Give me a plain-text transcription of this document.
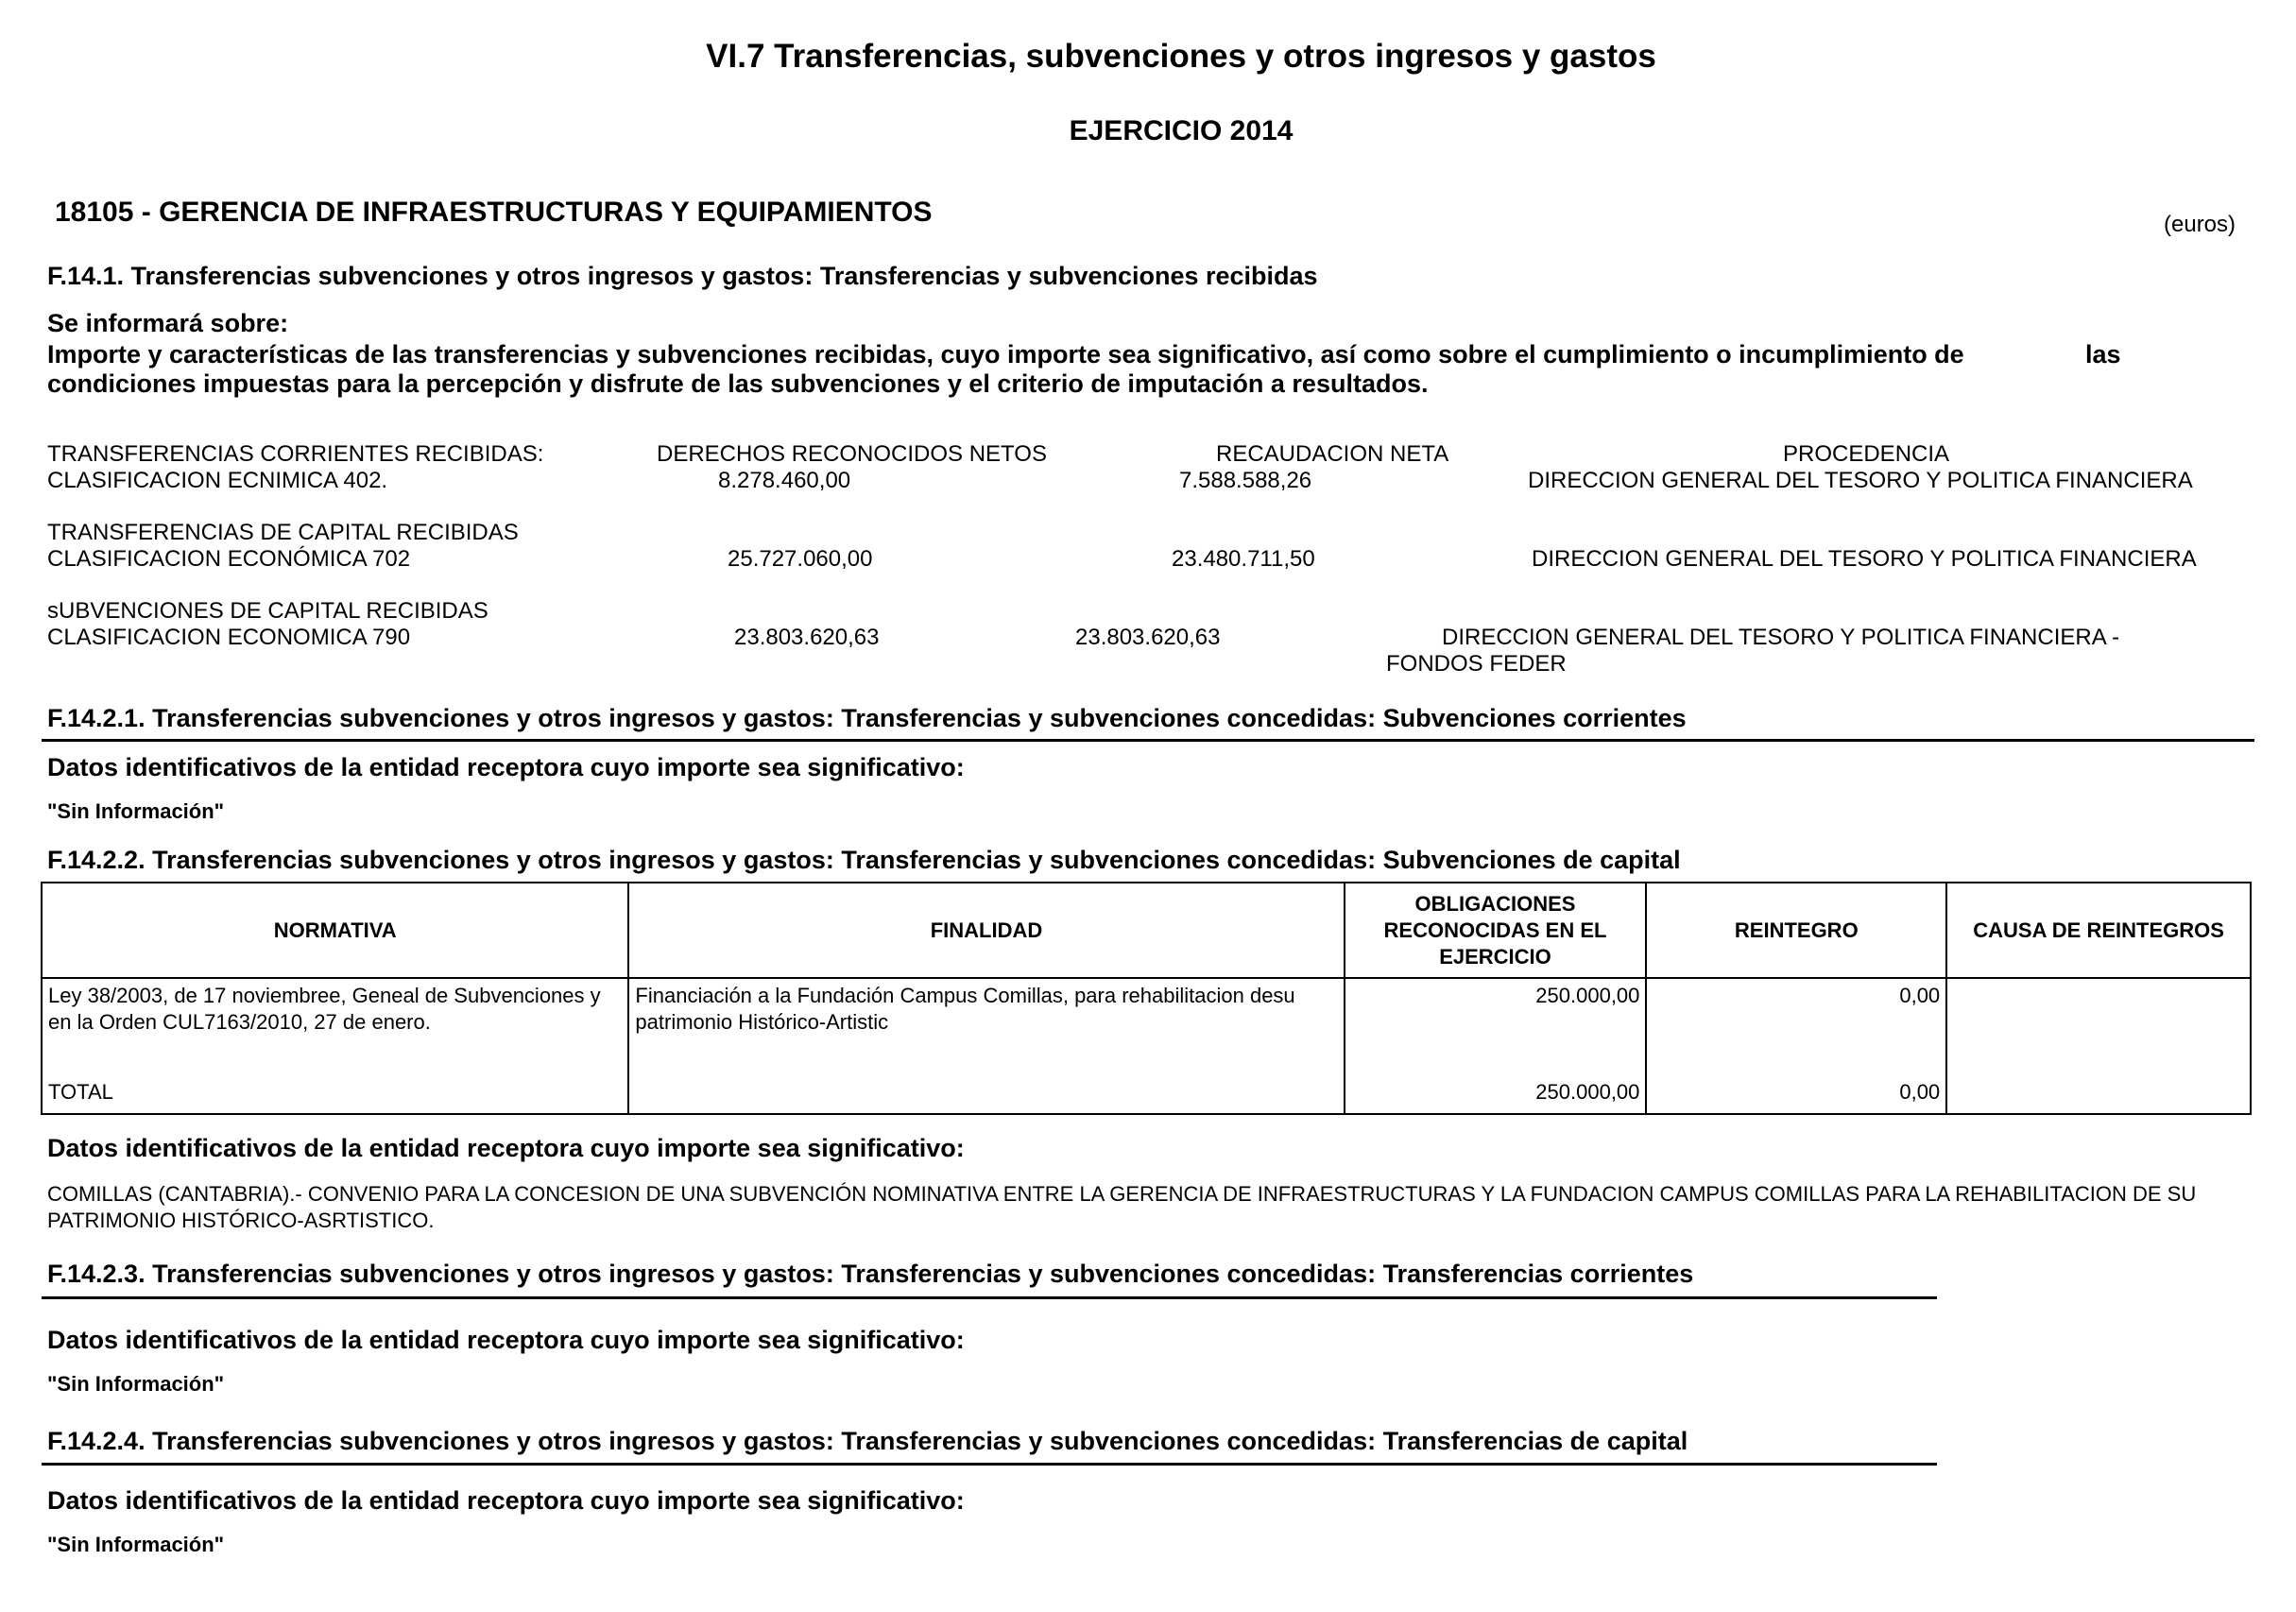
VI.7 Transferencias, subvenciones y otros ingresos y gastos
EJERCICIO 2014
18105 - GERENCIA DE INFRAESTRUCTURAS Y EQUIPAMIENTOS	(euros)
F.14.1. Transferencias subvenciones y otros ingresos y gastos: Transferencias y subvenciones recibidas
Se informará sobre:
Importe y características de las transferencias y subvenciones recibidas, cuyo importe sea significativo, así como sobre el cumplimiento o incumplimiento de	las
condiciones impuestas para la percepción y disfrute de las subvenciones y el criterio de imputación a resultados.
DERECHOS RECONOCIDOS NETOS	RECAUDACION NETA	PROCEDENCIA
TRANSFERENCIAS CORRIENTES RECIBIDAS:
CLASIFICACION ECNIMICA 402.	8.278.460,00	7.588.588,26	DIRECCION GENERAL DEL TESORO Y POLITICA FINANCIERA
TRANSFERENCIAS DE CAPITAL RECIBIDAS
CLASIFICACION ECONÓMICA 702	25.727.060,00	23.480.711,50	DIRECCION GENERAL DEL TESORO Y POLITICA FINANCIERA
sUBVENCIONES DE CAPITAL RECIBIDAS
CLASIFICACION ECONOMICA 790	23.803.620,63	23.803.620,63	DIRECCION GENERAL DEL TESORO Y POLITICA FINANCIERA -
FONDOS FEDER
F.14.2.1. Transferencias subvenciones y otros ingresos y gastos: Transferencias y subvenciones concedidas: Subvenciones corrientes
Datos identificativos de la entidad receptora cuyo importe sea significativo:
"Sin Información"
F.14.2.2. Transferencias subvenciones y otros ingresos y gastos: Transferencias y subvenciones concedidas: Subvenciones de capital
NORMATIVA	FINALIDAD	OBLIGACIONES RECONOCIDAS EN EL EJERCICIO	REINTEGRO	CAUSA DE REINTEGROS
Ley 38/2003, de 17 noviembree, Geneal de Subvenciones y en la Orden CUL7163/2010, 27 de enero.	Financiación a la Fundación Campus Comillas, para rehabilitacion desu patrimonio Histórico-Artistic	250.000,00	0,00	
TOTAL		250.000,00	0,00	
Datos identificativos de la entidad receptora cuyo importe sea significativo:
COMILLAS (CANTABRIA).- CONVENIO PARA LA CONCESION DE UNA SUBVENCIÓN NOMINATIVA ENTRE LA GERENCIA DE INFRAESTRUCTURAS Y LA FUNDACION CAMPUS COMILLAS PARA LA REHABILITACION DE SU PATRIMONIO HISTÓRICO-ASRTISTICO.
F.14.2.3. Transferencias subvenciones y otros ingresos y gastos: Transferencias y subvenciones concedidas: Transferencias corrientes
Datos identificativos de la entidad receptora cuyo importe sea significativo:
"Sin Información"
F.14.2.4. Transferencias subvenciones y otros ingresos y gastos: Transferencias y subvenciones concedidas: Transferencias de capital
Datos identificativos de la entidad receptora cuyo importe sea significativo:
"Sin Información"
